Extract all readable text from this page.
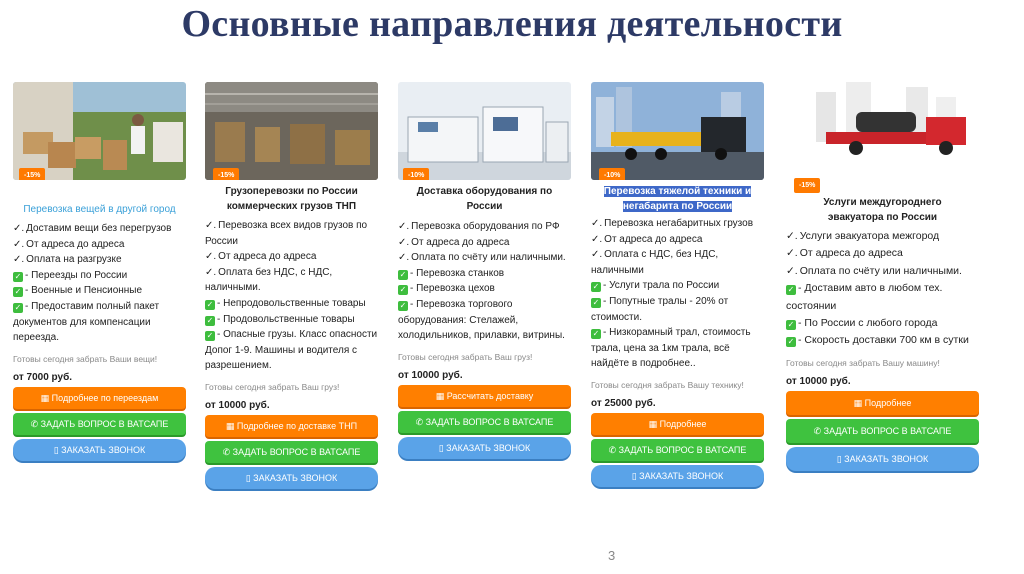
Основные направления деятельности
-15%
Перевозка вещей в другой город
✓. Доставим вещи без перегрузов
✓. От адреса до адреса
✓. Оплата на разгрузке
✓ - Переезды по России
✓ - Военные и Пенсионные
✓ - Предоставим полный пакет документов для компенсации переезда.
Готовы сегодня забрать Ваши вещи!
от 7000 руб.
▦ Подробнее по переездам
✆ ЗАДАТЬ ВОПРОС В ВАТСАПЕ
▯ ЗАКАЗАТЬ ЗВОНОК
-15%
Грузоперевозки по России коммерческих грузов ТНП
✓. Перевозка всех видов грузов по России
✓. От адреса до адреса
✓. Оплата без НДС, с НДС, наличными.
✓ - Непродовольственные товары
✓ - Продовольственные товары
✓ - Опасные грузы. Класс опасности Допог 1-9. Машины и водителя с разрешением.
Готовы сегодня забрать Ваш груз!
от 10000 руб.
▦ Подробнее по доставке ТНП
✆ ЗАДАТЬ ВОПРОС В ВАТСАПЕ
▯ ЗАКАЗАТЬ ЗВОНОК
-10%
Доставка оборудования по России
✓. Перевозка оборудования по РФ
✓. От адреса до адреса
✓. Оплата по счёту или наличными.
✓ - Перевозка станков
✓ - Перевозка цехов
✓ - Перевозка торгового оборудования: Стелажей, холодильников, прилавки, витрины.
Готовы сегодня забрать Ваш груз!
от 10000 руб.
▦ Рассчитать доставку
✆ ЗАДАТЬ ВОПРОС В ВАТСАПЕ
▯ ЗАКАЗАТЬ ЗВОНОК
-10%
Перевозка тяжелой техники и негабарита по России
✓. Перевозка негабаритных грузов
✓. От адреса до адреса
✓. Оплата с НДС, без НДС, наличными
✓ - Услуги трала по России
✓ - Попутные тралы - 20% от стоимости.
✓ - Низкорамный трал, стоимость трала, цена за 1км трала, всё найдёте в подробнее..
Готовы сегодня забрать Вашу технику!
от 25000 руб.
▦ Подробнее
✆ ЗАДАТЬ ВОПРОС В ВАТСАПЕ
▯ ЗАКАЗАТЬ ЗВОНОК
-15%
Услуги междугороднего эвакуатора по России
✓. Услуги эвакуатора межгород
✓. От адреса до адреса
✓. Оплата по счёту или наличными.
✓ - Доставим авто в любом тех. состоянии
✓ - По России с любого города
✓ - Скорость доставки 700 км в сутки
Готовы сегодня забрать Вашу машину!
от 10000 руб.
▦ Подробнее
✆ ЗАДАТЬ ВОПРОС В ВАТСАПЕ
▯ ЗАКАЗАТЬ ЗВОНОК
3
